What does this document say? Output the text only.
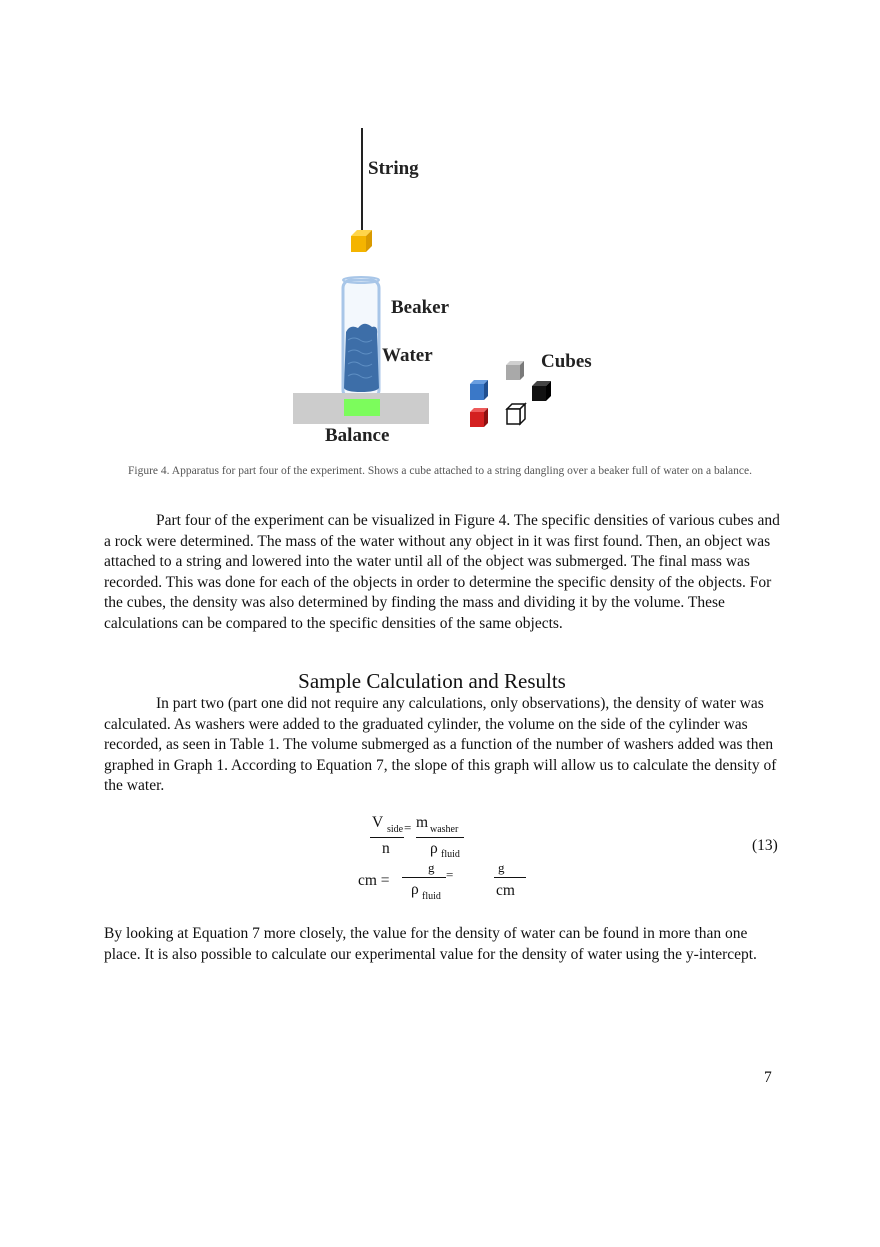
String
Beaker
Water	Cubes
Balance
Figure 4. Apparatus for part four of the experiment. Shows a cube attached to a string dangling over a beaker full of water on a balance.

Part four of the experiment can be visualized in Figure 4. The specific densities of various cubes and a rock were determined. The mass of the water without any object in it was first found. Then, an object was attached to a string and lowered into the water until all of the object was submerged. The final mass was recorded. This was done for each of the objects in order to determine the specific density of the objects. For the cubes, the density was also determined by finding the mass and dividing it by the volume. These calculations can be compared to the specific densities of the same objects.

Sample Calculation and Results

In part two (part one did not require any calculations, only observations), the density of water was calculated. As washers were added to the graduated cylinder, the volume on the side of the cylinder was recorded, as seen in Table 1. The volume submerged as a function of the number of washers added was then graphed in Graph 1. According to Equation 7, the slope of this graph will allow us to calculate the density of the water.

V side = m washer
n	ρ fluid
(13)
cm =
g =
ρ fluid
g
cm

By looking at Equation 7 more closely, the value for the density of water can be found in more than one place. It is also possible to calculate our experimental value for the density of water using the y-intercept.

7
